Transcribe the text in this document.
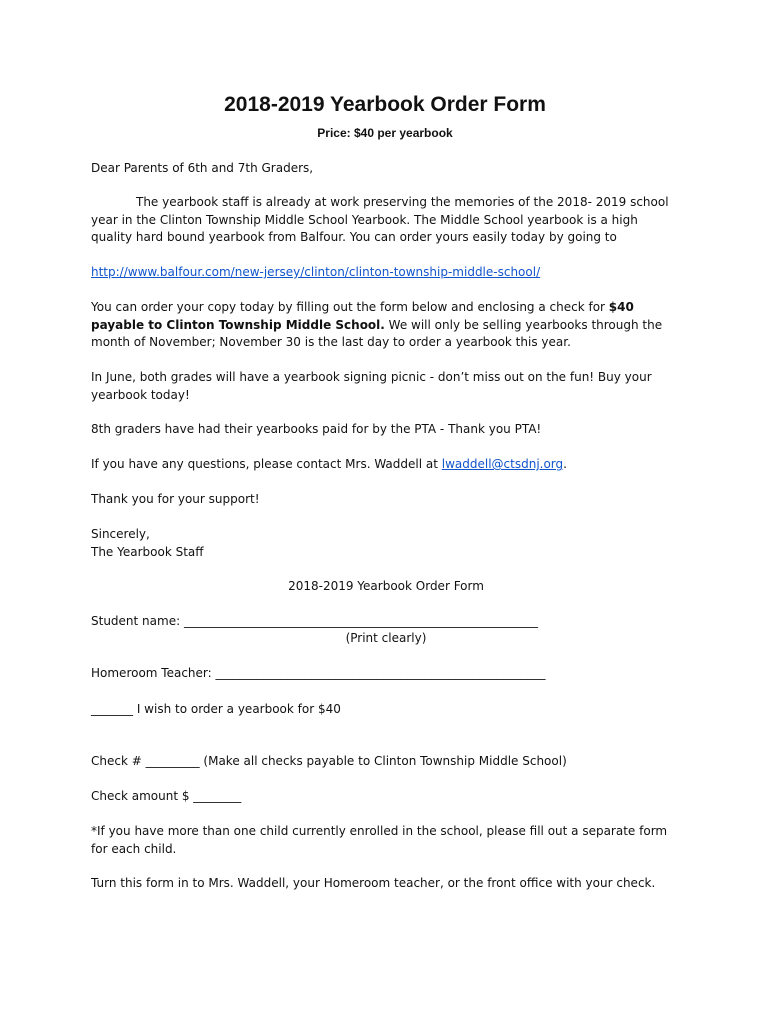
2018-2019 Yearbook Order Form
Price: $40 per yearbook
Dear Parents of 6th and 7th Graders,
The yearbook staff is already at work preserving the memories of the 2018- 2019 school year in the Clinton Township Middle School Yearbook. The Middle School yearbook is a high quality hard bound yearbook from Balfour. You can order yours easily today by going to
http://www.balfour.com/new-jersey/clinton/clinton-township-middle-school/
You can order your copy today by filling out the form below and enclosing a check for $40 payable to Clinton Township Middle School. We will only be selling yearbooks through the month of November; November 30 is the last day to order a yearbook this year.
In June, both grades will have a yearbook signing picnic - don’t miss out on the fun! Buy your yearbook today!
8th graders have had their yearbooks paid for by the PTA - Thank you PTA!
If you have any questions, please contact Mrs. Waddell at lwaddell@ctsdnj.org.
Thank you for your support!
Sincerely,
The Yearbook Staff
2018-2019 Yearbook Order Form
Student name: ___________________________________________________________
(Print clearly)
Homeroom Teacher: _______________________________________________________
_______ I wish to order a yearbook for $40
Check # _________ (Make all checks payable to Clinton Township Middle School)
Check amount $ ________
*If you have more than one child currently enrolled in the school, please fill out a separate form for each child.
Turn this form in to Mrs. Waddell, your Homeroom teacher, or the front office with your check.
